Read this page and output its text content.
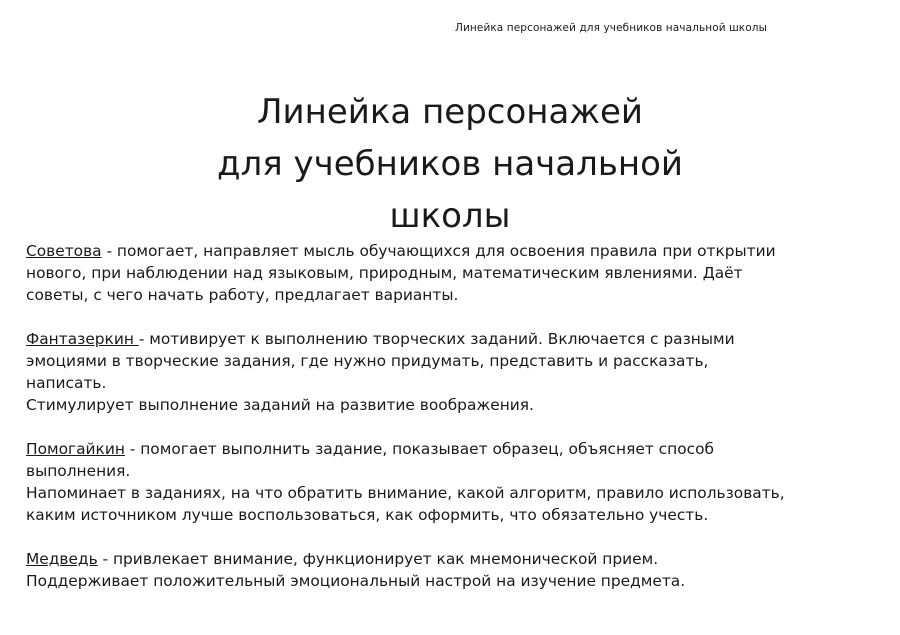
Линейка персонажей для учебников начальной школы
Линейка персонажей
для учебников начальной
школы

Советова - помогает, направляет мысль обучающихся для освоения правила при открытии
нового, при наблюдении над языковым, природным, математическим явлениями. Даёт
советы, с чего начать работу, предлагает варианты.

Фантазеркин - мотивирует к выполнению творческих заданий. Включается с разными
эмоциями в творческие задания, где нужно придумать, представить и рассказать,
написать.
Стимулирует выполнение заданий на развитие воображения.

Помогайкин - помогает выполнить задание, показывает образец, объясняет способ
выполнения.
Напоминает в заданиях, на что обратить внимание, какой алгоритм, правило использовать,
каким источником лучше воспользоваться, как оформить, что обязательно учесть.

Медведь - привлекает внимание, функционирует как мнемонической прием.
Поддерживает положительный эмоциональный настрой на изучение предмета.
